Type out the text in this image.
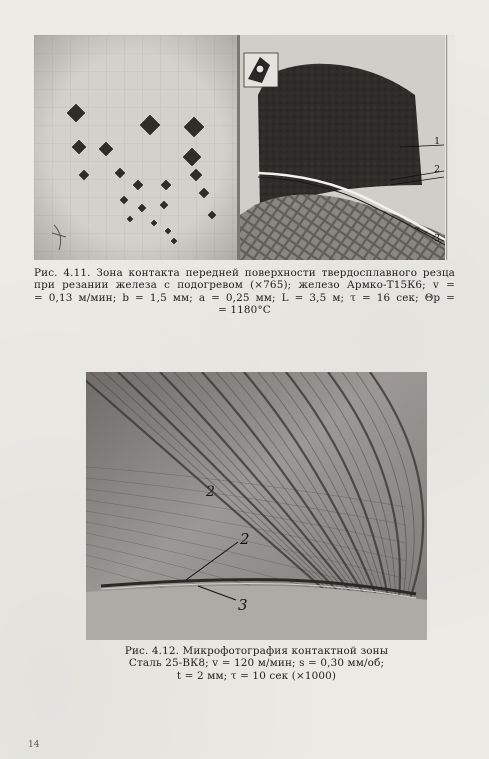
1
2
3
Рис. 4.11. Зона контакта передней поверхности твердосплавного резца
при резании железа с подогревом (×765); железо Армко-Т15К6; v =
= 0,13 м/мин; b = 1,5 мм; a = 0,25 мм; L = 3,5 м; τ = 16 сек; Θр =
= 1180°С
2
2
3
Рис. 4.12. Микрофотография контактной зоны
Сталь 25-ВК8; v = 120 м/мин; s = 0,30 мм/об;
t = 2 мм; τ = 10 сек (×1000)
14
